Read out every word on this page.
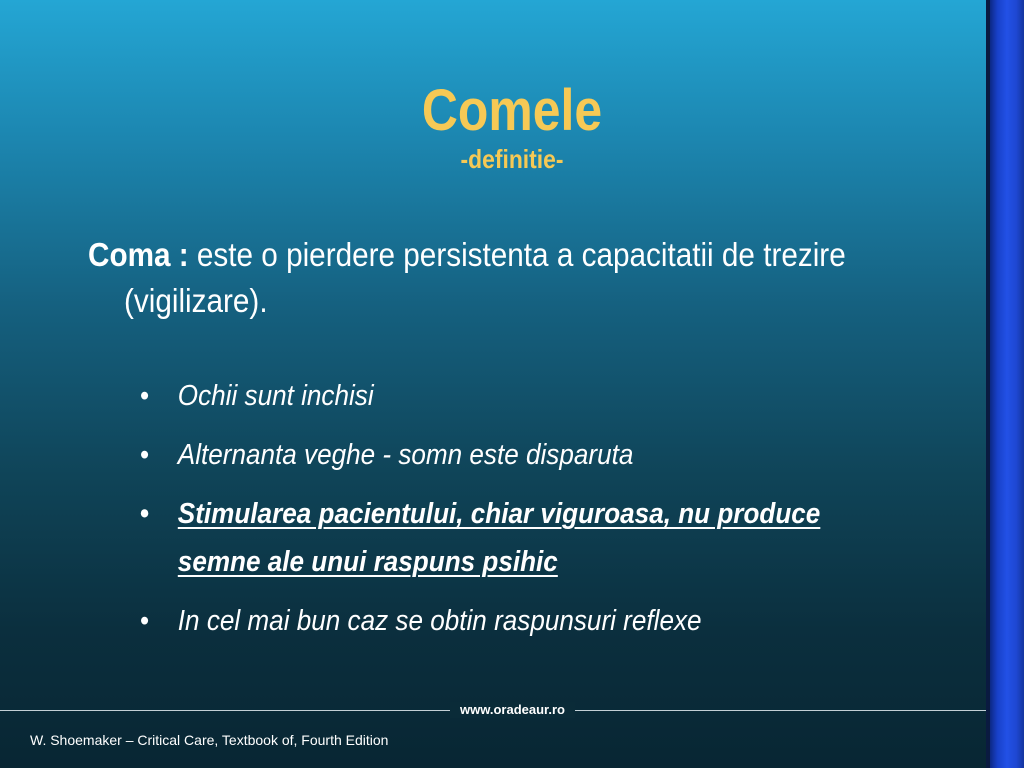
Comele
-definitie-
Coma : este o pierdere persistenta a capacitatii de trezire
(vigilizare).
• Ochii sunt inchisi
• Alternanta veghe - somn este disparuta
• Stimularea pacientului, chiar viguroasa, nu produce semne ale unui raspuns psihic
• In cel mai bun caz se obtin raspunsuri reflexe
www.oradeaur.ro
W. Shoemaker – Critical Care, Textbook of, Fourth Edition
